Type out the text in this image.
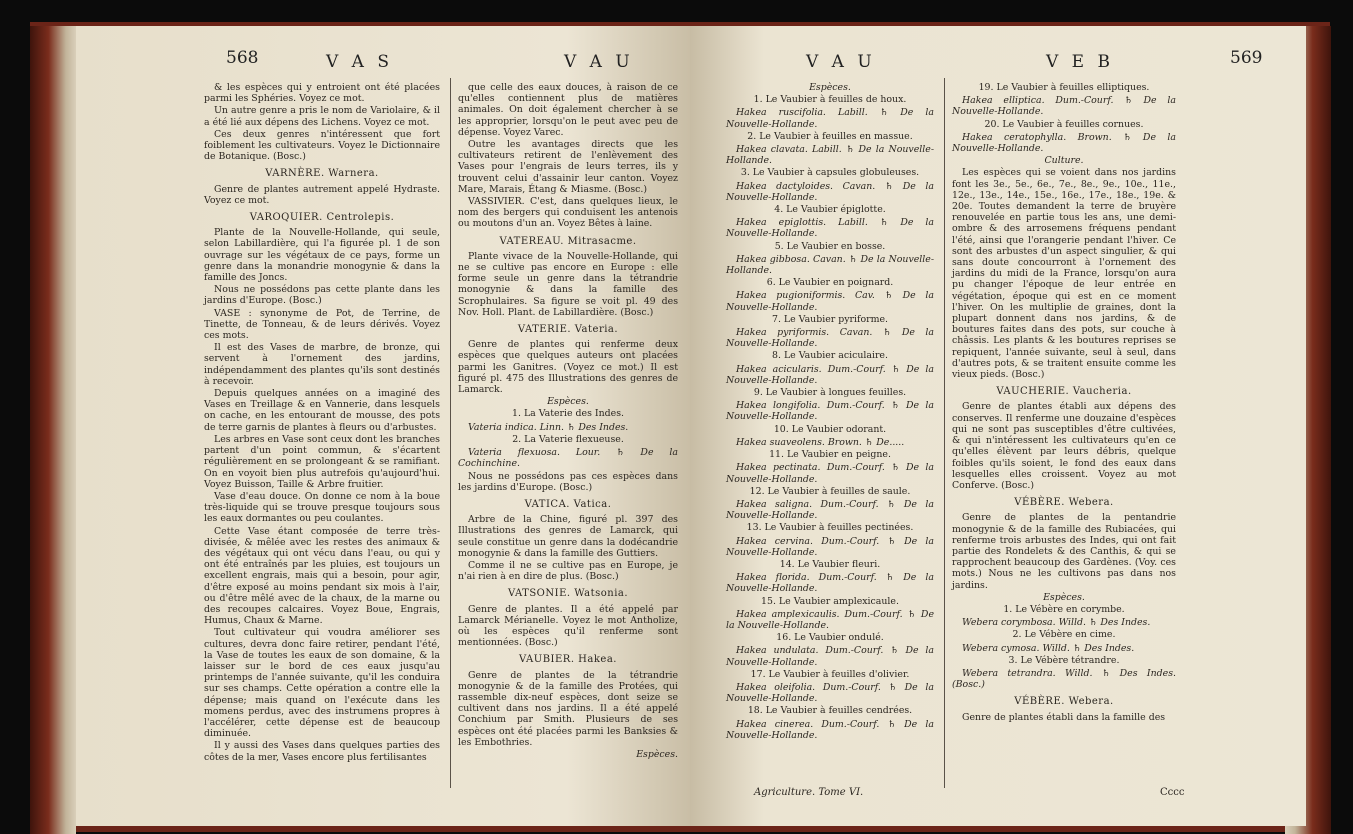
568	V A S	V A U

& les espèces qui y entroient ont été placées parmi les Sphéries. Voyez ce mot.

Un autre genre a pris le nom de Variolaire, & il a été lié aux dépens des Lichens. Voyez ce mot.

Ces deux genres n'intéressent que fort foiblement les cultivateurs. Voyez le Dictionnaire de Botanique. (Bosc.)

VARNÈRE. Warnera.

Genre de plantes autrement appelé Hydraste. Voyez ce mot.

VAROQUIER. Centrolepis.

Plante de la Nouvelle-Hollande, qui seule, selon Labillardière, qui l'a figurée pl. 1 de son ouvrage sur les végétaux de ce pays, forme un genre dans la monandrie monogynie & dans la famille des Joncs.

Nous ne possédons pas cette plante dans les jardins d'Europe. (Bosc.)

VASE : synonyme de Pot, de Terrine, de Tinette, de Tonneau, & de leurs dérivés. Voyez ces mots.

Il est des Vases de marbre, de bronze, qui servent à l'ornement des jardins, indépendamment des plantes qu'ils sont destinés à recevoir.

Depuis quelques années on a imaginé des Vases en Treillage & en Vannerie, dans lesquels on cache, en les entourant de mousse, des pots de terre garnis de plantes à fleurs ou d'arbustes.

Les arbres en Vase sont ceux dont les branches partent d'un point commun, & s'écartent régulièrement en se prolongeant & se ramifiant. On en voyoit bien plus autrefois qu'aujourd'hui. Voyez Buisson, Taille & Arbre fruitier.

Vase d'eau douce. On donne ce nom à la boue très-liquide qui se trouve presque toujours sous les eaux dormantes ou peu coulantes.

Cette Vase étant composée de terre très-divisée, & mêlée avec les restes des animaux & des végétaux qui ont vécu dans l'eau, ou qui y ont été entraînés par les pluies, est toujours un excellent engrais, mais qui a besoin, pour agir, d'être exposé au moins pendant six mois à l'air, ou d'être mêlé avec de la chaux, de la marne ou des recoupes calcaires. Voyez Boue, Engrais, Humus, Chaux & Marne.

Tout cultivateur qui voudra améliorer ses cultures, devra donc faire retirer, pendant l'été, la Vase de toutes les eaux de son domaine, & la laisser sur le bord de ces eaux jusqu'au printemps de l'année suivante, qu'il les conduira sur ses champs. Cette opération a contre elle la dépense; mais quand on l'exécute dans les momens perdus, avec des instrumens propres à l'accélérer, cette dépense est de beaucoup diminuée.

Il y aussi des Vases dans quelques parties des côtes de la mer, Vases encore plus fertilisantes

que celle des eaux douces, à raison de ce qu'elles contiennent plus de matières animales. On doit également chercher à se les approprier, lorsqu'on le peut avec peu de dépense. Voyez Varec.

Outre les avantages directs que les cultivateurs retirent de l'enlèvement des Vases pour l'engrais de leurs terres, ils y trouvent celui d'assainir leur canton. Voyez Mare, Marais, Étang & Miasme. (Bosc.)

VASSIVIER. C'est, dans quelques lieux, le nom des bergers qui conduisent les antenois ou moutons d'un an. Voyez Bêtes à laine.

VATEREAU. Mitrasacme.

Plante vivace de la Nouvelle-Hollande, qui ne se cultive pas encore en Europe : elle forme seule un genre dans la tétrandrie monogynie & dans la famille des Scrophulaires. Sa figure se voit pl. 49 des Nov. Holl. Plant. de Labillardière. (Bosc.)

VATERIE. Vateria.

Genre de plantes qui renferme deux espèces que quelques auteurs ont placées parmi les Ganitres. (Voyez ce mot.) Il est figuré pl. 475 des Illustrations des genres de Lamarck.

Espèces.

1. La Vaterie des Indes.

Vateria indica. Linn. ♄ Des Indes.

2. La Vaterie flexueuse.

Vateria flexuosa. Lour. ♄ De la Cochinchine.

Nous ne possédons pas ces espèces dans les jardins d'Europe. (Bosc.)

VATICA. Vatica.

Arbre de la Chine, figuré pl. 397 des Illustrations des genres de Lamarck, qui seule constitue un genre dans la dodécandrie monogynie & dans la famille des Guttiers.

Comme il ne se cultive pas en Europe, je n'ai rien à en dire de plus. (Bosc.)

VATSONIE. Watsonia.

Genre de plantes. Il a été appelé par Lamarck Mérianelle. Voyez le mot Antholize, où les espèces qu'il renferme sont mentionnées. (Bosc.)

VAUBIER. Hakea.

Genre de plantes de la tétrandrie monogynie & de la famille des Protées, qui rassemble dix-neuf espèces, dont seize se cultivent dans nos jardins. Il a été appelé Conchium par Smith. Plusieurs de ses espèces ont été placées parmi les Banksies & les Embothries.

Espèces.

V A U	V E B	569

Espèces.

1. Le Vaubier à feuilles de houx.

Hakea ruscifolia. Labill. ♄ De la Nouvelle-Hollande.

2. Le Vaubier à feuilles en massue.

Hakea clavata. Labill. ♄ De la Nouvelle-Hollande.

3. Le Vaubier à capsules globuleuses.

Hakea dactyloides. Cavan. ♄ De la Nouvelle-Hollande.

4. Le Vaubier épiglotte.

Hakea epiglottis. Labill. ♄ De la Nouvelle-Hollande.

5. Le Vaubier en bosse.

Hakea gibbosa. Cavan. ♄ De la Nouvelle-Hollande.

6. Le Vaubier en poignard.

Hakea pugioniformis. Cav. ♄ De la Nouvelle-Hollande.

7. Le Vaubier pyriforme.

Hakea pyriformis. Cavan. ♄ De la Nouvelle-Hollande.

8. Le Vaubier aciculaire.

Hakea acicularis. Dum.-Courf. ♄ De la Nouvelle-Hollande.

9. Le Vaubier à longues feuilles.

Hakea longifolia. Dum.-Courf. ♄ De la Nouvelle-Hollande.

10. Le Vaubier odorant.

Hakea suaveolens. Brown. ♄ De.....

11. Le Vaubier en peigne.

Hakea pectinata. Dum.-Courf. ♄ De la Nouvelle-Hollande.

12. Le Vaubier à feuilles de saule.

Hakea saligna. Dum.-Courf. ♄ De la Nouvelle-Hollande.

13. Le Vaubier à feuilles pectinées.

Hakea cervina. Dum.-Courf. ♄ De la Nouvelle-Hollande.

14. Le Vaubier fleuri.

Hakea florida. Dum.-Courf. ♄ De la Nouvelle-Hollande.

15. Le Vaubier amplexicaule.

Hakea amplexicaulis. Dum.-Courf. ♄ De la Nouvelle-Hollande.

16. Le Vaubier ondulé.

Hakea undulata. Dum.-Courf. ♄ De la Nouvelle-Hollande.

17. Le Vaubier à feuilles d'olivier.

Hakea oleifolia. Dum.-Courf. ♄ De la Nouvelle-Hollande.

18. Le Vaubier à feuilles cendrées.

Hakea cinerea. Dum.-Courf. ♄ De la Nouvelle-Hollande.

Agriculture. Tome VI.

19. Le Vaubier à feuilles elliptiques.

Hakea elliptica. Dum.-Courf. ♄ De la Nouvelle-Hollande.

20. Le Vaubier à feuilles cornues.

Hakea ceratophylla. Brown. ♄ De la Nouvelle-Hollande.

Culture.

Les espèces qui se voient dans nos jardins font les 3e., 5e., 6e., 7e., 8e., 9e., 10e., 11e., 12e., 13e., 14e., 15e., 16e., 17e., 18e., 19e. & 20e. Toutes demandent la terre de bruyère renouvelée en partie tous les ans, une demi-ombre & des arrosemens fréquens pendant l'été, ainsi que l'orangerie pendant l'hiver. Ce sont des arbustes d'un aspect singulier, & qui sans doute concourront à l'ornement des jardins du midi de la France, lorsqu'on aura pu changer l'époque de leur entrée en végétation, époque qui est en ce moment l'hiver. On les multiplie de graines, dont la plupart donnent dans nos jardins, & de boutures faites dans des pots, sur couche à châssis. Les plants & les boutures reprises se repiquent, l'année suivante, seul à seul, dans d'autres pots, & se traitent ensuite comme les vieux pieds. (Bosc.)

VAUCHERIE. Vaucheria.

Genre de plantes établi aux dépens des conserves. Il renferme une douzaine d'espèces qui ne sont pas susceptibles d'être cultivées, & qui n'intéressent les cultivateurs qu'en ce qu'elles élèvent par leurs débris, quelque foibles qu'ils soient, le fond des eaux dans lesquelles elles croissent. Voyez au mot Conferve. (Bosc.)

VÉBÈRE. Webera.

Genre de plantes de la pentandrie monogynie & de la famille des Rubiacées, qui renferme trois arbustes des Indes, qui ont fait partie des Rondelets & des Canthis, & qui se rapprochent beaucoup des Gardènes. (Voy. ces mots.) Nous ne les cultivons pas dans nos jardins.

Espèces.

1. Le Vébère en corymbe.

Webera corymbosa. Willd. ♄ Des Indes.

2. Le Vébère en cime.

Webera cymosa. Willd. ♄ Des Indes.

3. Le Vébère tétrandre.

Webera tetrandra. Willd. ♄ Des Indes. (Bosc.)

VÉBÈRE. Webera.

Genre de plantes établi dans la famille des

Cccc
